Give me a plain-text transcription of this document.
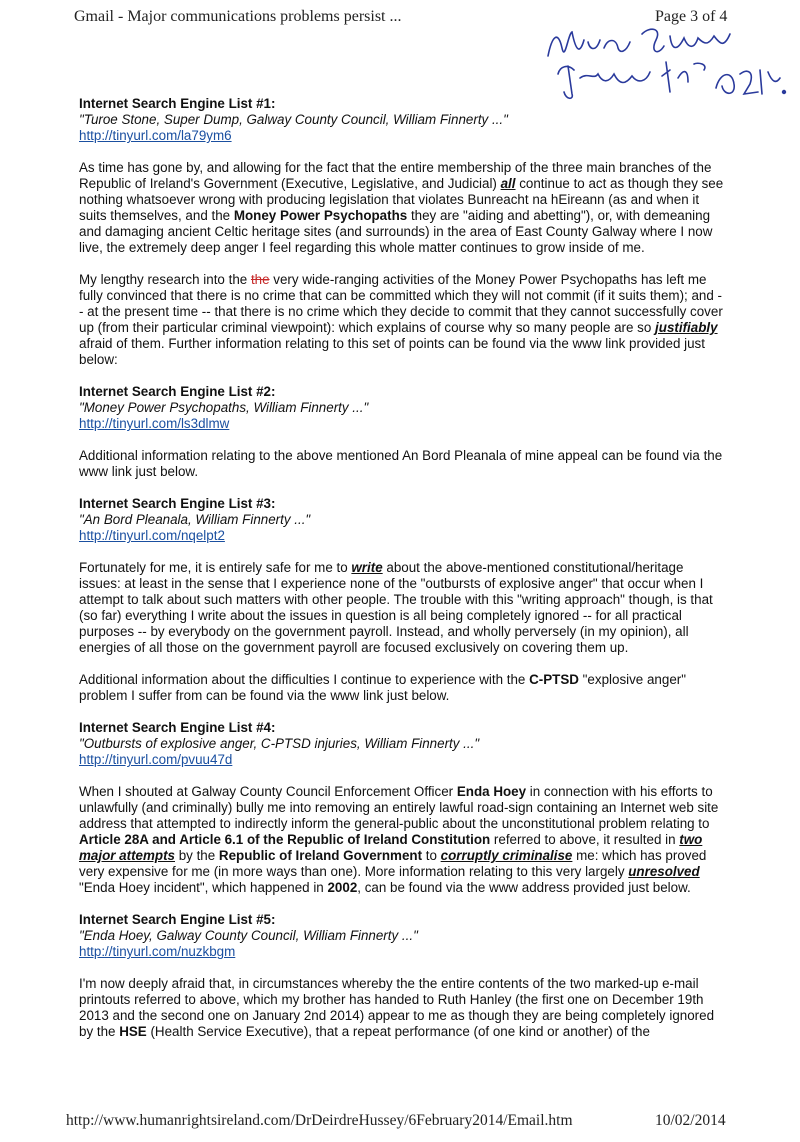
Gmail - Major communications problems persist ...	Page 3 of 4
Internet Search Engine List #1:
"Turoe Stone, Super Dump, Galway County Council, William Finnerty ..."
http://tinyurl.com/la79ym6

As time has gone by, and allowing for the fact that the entire membership of the three main branches of the Republic of Ireland's Government (Executive, Legislative, and Judicial) all continue to act as though they see nothing whatsoever wrong with producing legislation that violates Bunreacht na hEireann (as and when it suits themselves, and the Money Power Psychopaths they are "aiding and abetting"), or, with demeaning and damaging ancient Celtic heritage sites (and surrounds) in the area of East County Galway where I now live, the extremely deep anger I feel regarding this whole matter continues to grow inside of me.

My lengthy research into the the very wide-ranging activities of the Money Power Psychopaths has left me fully convinced that there is no crime that can be committed which they will not commit (if it suits them); and -- at the present time -- that there is no crime which they decide to commit that they cannot successfully cover up (from their particular criminal viewpoint): which explains of course why so many people are so justifiably afraid of them. Further information relating to this set of points can be found via the www link provided just below:

Internet Search Engine List #2:
"Money Power Psychopaths, William Finnerty ..."
http://tinyurl.com/ls3dlmw

Additional information relating to the above mentioned An Bord Pleanala of mine appeal can be found via the www link just below.

Internet Search Engine List #3:
"An Bord Pleanala, William Finnerty ..."
http://tinyurl.com/nqelpt2

Fortunately for me, it is entirely safe for me to write about the above-mentioned constitutional/heritage issues: at least in the sense that I experience none of the "outbursts of explosive anger" that occur when I attempt to talk about such matters with other people. The trouble with this "writing approach" though, is that (so far) everything I write about the issues in question is all being completely ignored -- for all practical purposes -- by everybody on the government payroll. Instead, and wholly perversely (in my opinion), all energies of all those on the government payroll are focused exclusively on covering them up.

Additional information about the difficulties I continue to experience with the C-PTSD "explosive anger" problem I suffer from can be found via the www link just below.

Internet Search Engine List #4:
"Outbursts of explosive anger, C-PTSD injuries, William Finnerty ..."
http://tinyurl.com/pvuu47d

When I shouted at Galway County Council Enforcement Officer Enda Hoey in connection with his efforts to unlawfully (and criminally) bully me into removing an entirely lawful road-sign containing an Internet web site address that attempted to indirectly inform the general-public about the unconstitutional problem relating to Article 28A and Article 6.1 of the Republic of Ireland Constitution referred to above, it resulted in two major attempts by the Republic of Ireland Government to corruptly criminalise me: which has proved very expensive for me (in more ways than one). More information relating to this very largely unresolved "Enda Hoey incident", which happened in 2002, can be found via the www address provided just below.

Internet Search Engine List #5:
"Enda Hoey, Galway County Council, William Finnerty ..."
http://tinyurl.com/nuzkbgm

I'm now deeply afraid that, in circumstances whereby the the entire contents of the two marked-up e-mail printouts referred to above, which my brother has handed to Ruth Hanley (the first one on December 19th 2013 and the second one on January 2nd 2014) appear to me as though they are being completely ignored by the HSE (Health Service Executive), that a repeat performance (of one kind or another) of the

http://www.humanrightsireland.com/DrDeirdreHussey/6February2014/Email.htm	10/02/2014
